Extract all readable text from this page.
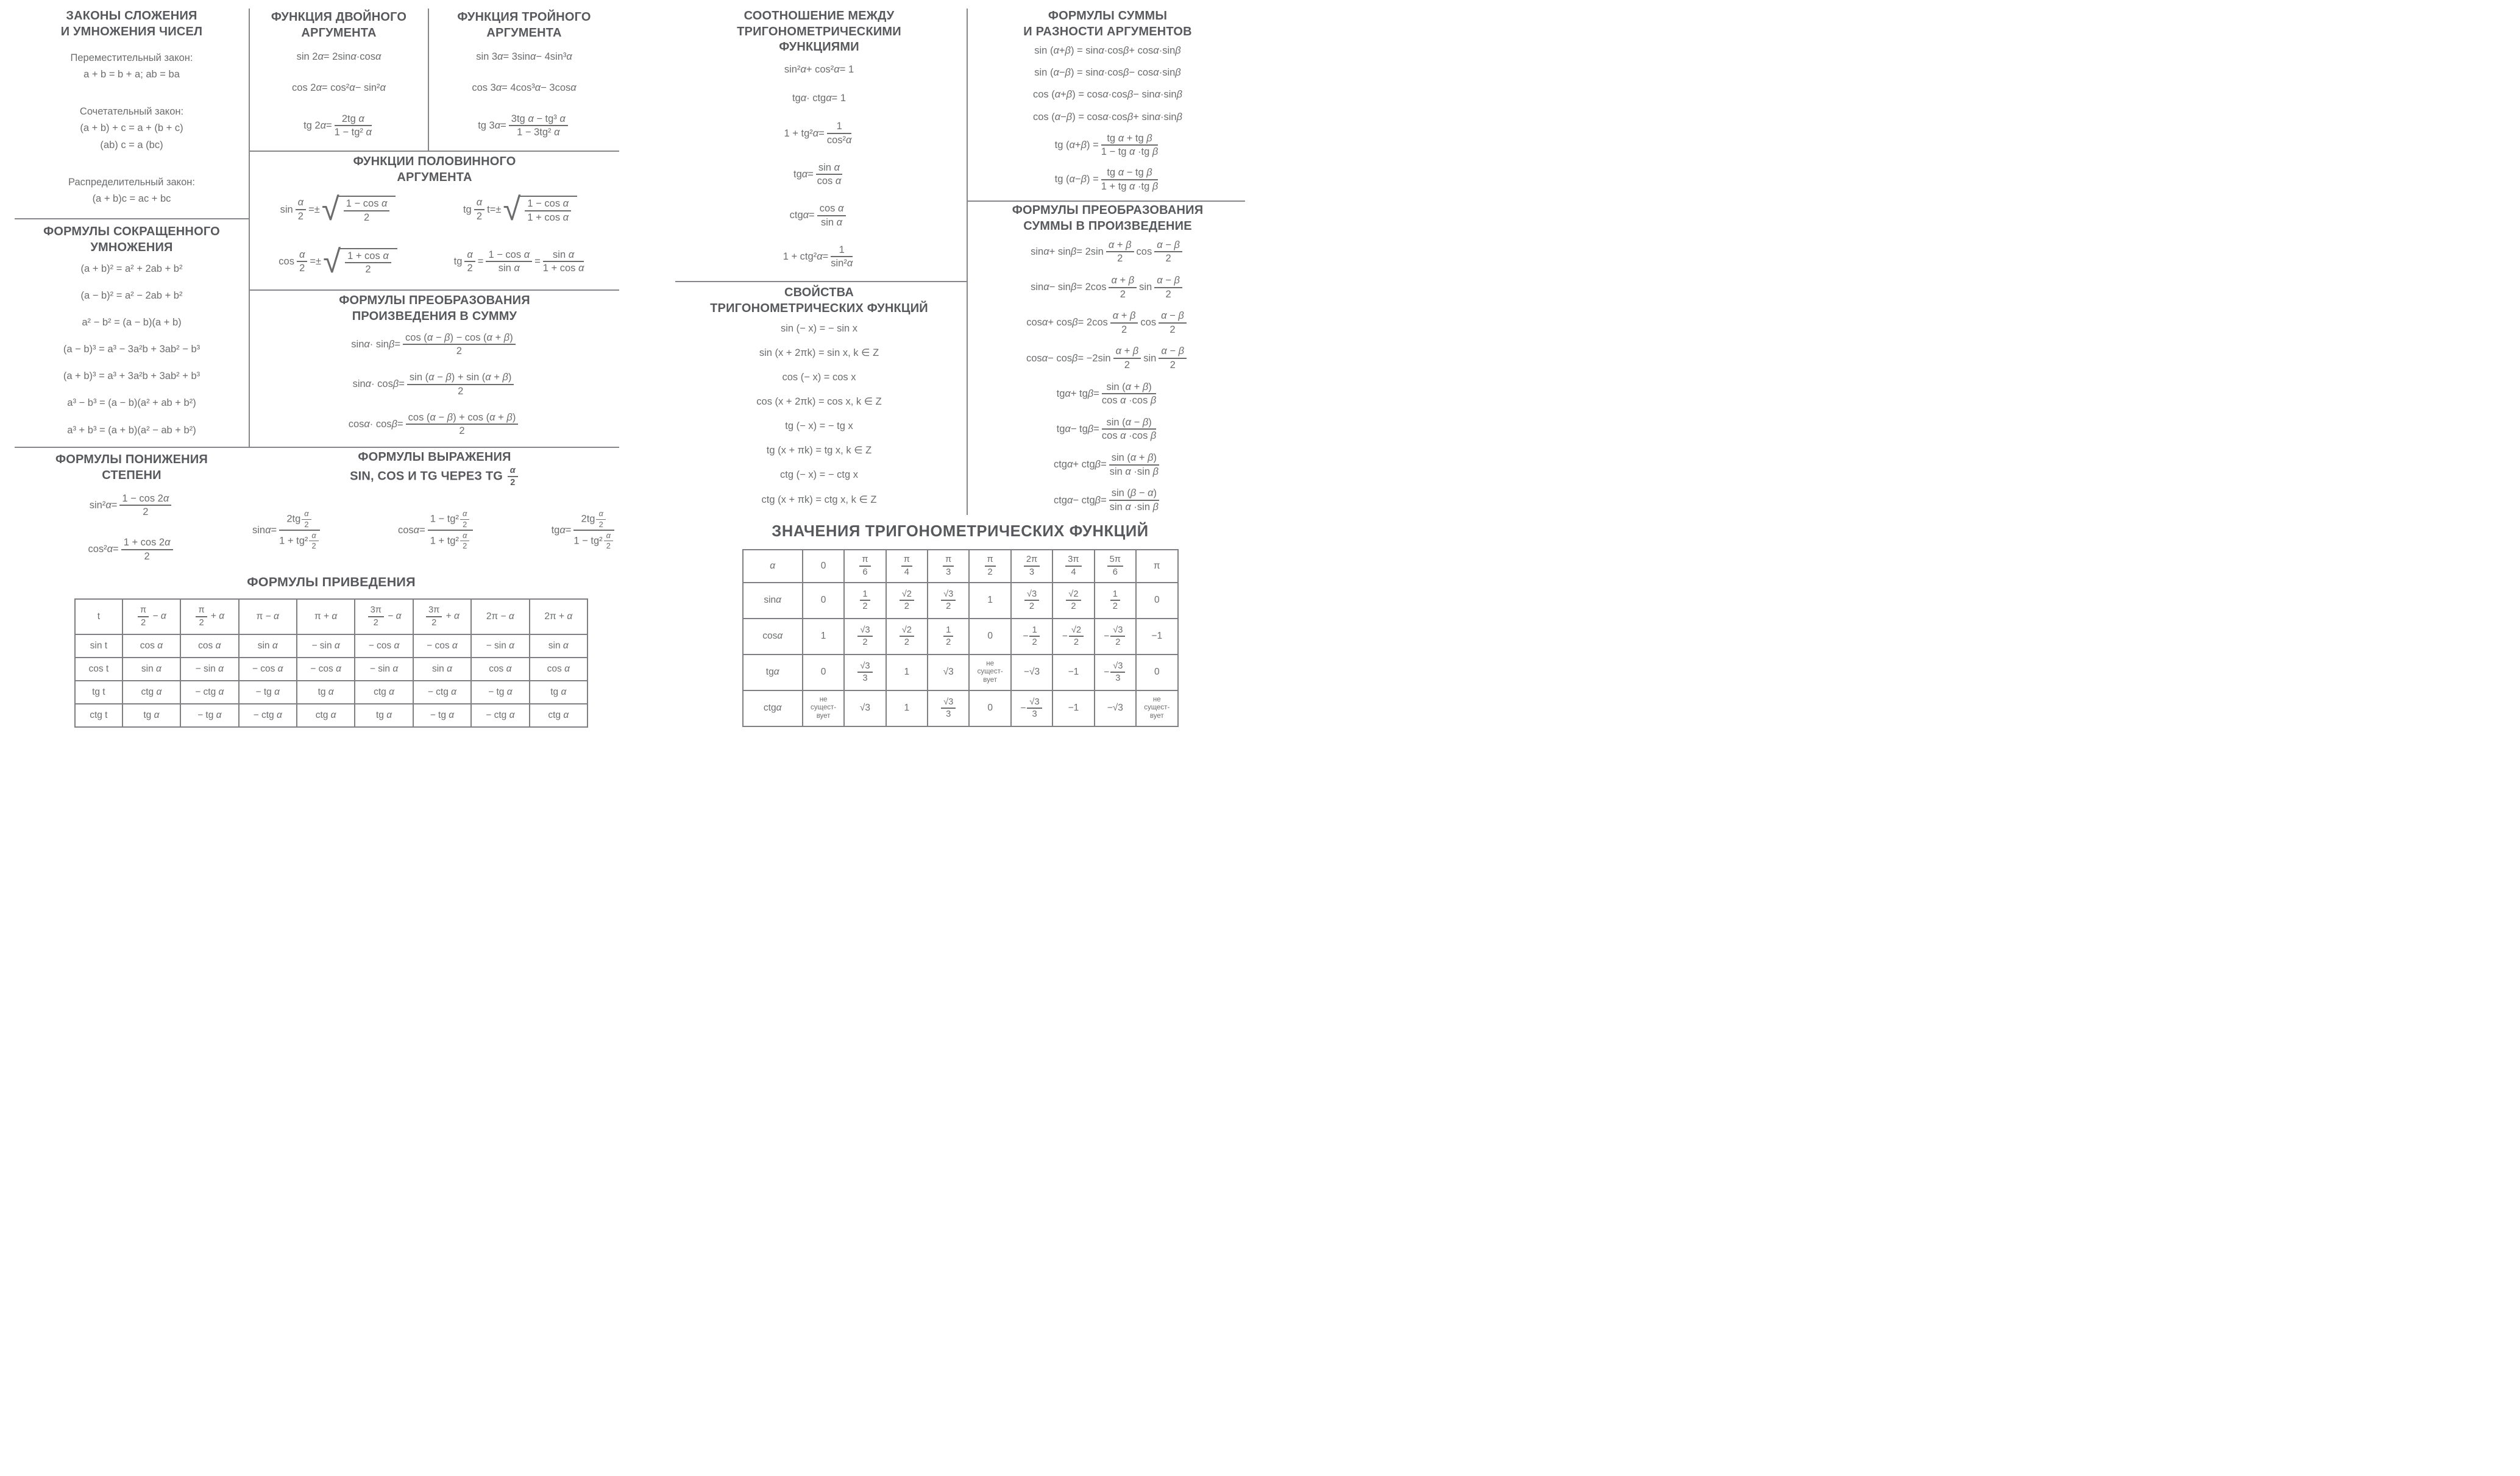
ЗАКОНЫ СЛОЖЕНИЯ
И УМНОЖЕНИЯ ЧИСЕЛ
Переместительный закон:
a + b = b + a; ab = ba
Сочетательный закон:
(a + b) + c = a + (b + c)
(ab) c = a (bc)
Распределительный закон:
(a + b)c = ac + bc
ФОРМУЛЫ СОКРАЩЕННОГО
УМНОЖЕНИЯ
(a + b)² = a² + 2ab + b²
(a − b)² = a² − 2ab + b²
a² − b² = (a − b)(a + b)
(a − b)³ = a³ − 3a²b + 3ab² − b³
(a + b)³ = a³ + 3a²b + 3ab² + b³
a³ − b³ = (a − b)(a² + ab + b²)
a³ + b³ = (a + b)(a² − ab + b²)
ФУНКЦИЯ ДВОЙНОГО
АРГУМЕНТА
sin 2 α = 2sin α ·cos α
cos 2 α = cos² α − sin² α
tg 2 α =
2tg α
1 − tg² α
ФУНКЦИЯ ТРОЙНОГО
АРГУМЕНТА
sin 3 α = 3sin α − 4sin³ α
cos 3 α = 4cos³ α − 3cos α
tg 3 α =
3tg α − tg³ α
1 − 3tg² α
ФУНКЦИИ ПОЛОВИННОГО
АРГУМЕНТА
sin
α
2
=± √ 1 − cos α
2
tg
α
2
t=± √ 1 − cos α
1 + cos α
cos
α
2
=± √ 1 + cos α
2
tg
α
2
=
1 − cos α
sin α
=
sin α
1 + cos α
ФОРМУЛЫ ПРЕОБРАЗОВАНИЯ
ПРОИЗВЕДЕНИЯ В СУММУ
sin α · sin β =
cos (α − β) − cos (α + β)
2
sin α · cos β =
sin (α − β) + sin (α + β)
2
cos α · cos β =
cos (α − β) + cos (α + β)
2
ФОРМУЛЫ ПОНИЖЕНИЯ
СТЕПЕНИ
sin² α =
1 − cos 2α
2
cos² α =
1 + cos 2α
2
ФОРМУЛЫ ВЫРАЖЕНИЯ
SIN, COS И TG ЧЕРЕЗ TG $\frac{\alpha}{2}$
sin α =
$2tg \frac{\alpha}{2}$
$1 + tg^2 \frac{\alpha}{2}$
cos α =
$1 - tg^2 \frac{\alpha}{2}$
$1 + tg^2 \frac{\alpha}{2}$
tg α =
$2tg \frac{\alpha}{2}$
$1 - tg^2 \frac{\alpha}{2}$
ФОРМУЛЫ ПРИВЕДЕНИЯ
t	$\frac{\pi}{2} - \alpha$	$\frac{\pi}{2} + \alpha$	π − α	π + α	$\frac{3\pi}{2} - \alpha$	$\frac{3\pi}{2} + \alpha$	2π − α	2π + α
sin t	cos α	cos α	sin α	− sin α	− cos α	− cos α	− sin α	sin α
cos t	sin α	− sin α	− cos α	− cos α	− sin α	sin α	cos α	cos α
tg t	ctg α	− ctg α	− tg α	tg α	ctg α	− ctg α	− tg α	tg α
ctg t	tg α	− tg α	− ctg α	ctg α	tg α	− tg α	− ctg α	ctg α
СООТНОШЕНИЕ МЕЖДУ
ТРИГОНОМЕТРИЧЕСКИМИ
ФУНКЦИЯМИ
sin² α + cos² α = 1
tg α · ctg α = 1
1 + tg² α =
1
cos²α
tg α =
sin α
cos α
ctg α =
cos α
sin α
1 + ctg² α =
1
sin²α
СВОЙСТВА
ТРИГОНОМЕТРИЧЕСКИХ ФУНКЦИЙ
sin (− x) = − sin x
sin (x + 2πk) = sin x, k ∈ Z
cos (− x) = cos x
cos (x + 2πk) = cos x, k ∈ Z
tg (− x) = − tg x
tg (x + πk) = tg x, k ∈ Z
ctg (− x) = − ctg x
ctg (x + πk) = ctg x, k ∈ Z
ФОРМУЛЫ СУММЫ
И РАЗНОСТИ АРГУМЕНТОВ
sin ( α + β ) = sin α ·cos β + cos α ·sin β
sin ( α − β ) = sin α ·cos β − cos α ·sin β
cos ( α + β ) = cos α ·cos β − sin α ·sin β
cos ( α − β ) = cos α ·cos β + sin α ·sin β
tg ( α + β ) =
tg α + tg β
1 − tg α ·tg β
tg ( α − β ) =
tg α − tg β
1 + tg α ·tg β
ФОРМУЛЫ ПРЕОБРАЗОВАНИЯ
СУММЫ В ПРОИЗВЕДЕНИЕ
sin α + sin β = 2sin
α + β
2
cos
α − β
2
sin α − sin β = 2cos
α + β
2
sin
α − β
2
cos α + cos β = 2cos
α + β
2
cos
α − β
2
cos α − cos β = −2sin
α + β
2
sin
α − β
2
tg α + tg β =
sin (α + β)
cos α ·cos β
tg α − tg β =
sin (α − β)
cos α ·cos β
ctg α + ctg β =
sin (α + β)
sin α ·sin β
ctg α − ctg β =
sin (β − α)
sin α ·sin β
ЗНАЧЕНИЯ ТРИГОНОМЕТРИЧЕСКИХ ФУНКЦИЙ
α	0	$\frac{\pi}{6}$	$\frac{\pi}{4}$	$\frac{\pi}{3}$	$\frac{\pi}{2}$	$\frac{2\pi}{3}$	$\frac{3\pi}{4}$	$\frac{5\pi}{6}$	π
sinα	0	$\frac{1}{2}$	$\frac{√2}{2}$	$\frac{√3}{2}$	1	$\frac{√3}{2}$	$\frac{√2}{2}$	$\frac{1}{2}$	0
cosα	1	$\frac{√3}{2}$	$\frac{√2}{2}$	$\frac{1}{2}$	0	− $\frac{1}{2}$	− $\frac{√2}{2}$	− $\frac{√3}{2}$	−1
tgα	0	$\frac{√3}{3}$	1	√3	не
сущест-
вует	−√3	−1	− $\frac{√3}{3}$	0
ctgα	не
сущест-
вует	√3	1	$\frac{√3}{3}$	0	− $\frac{√3}{3}$	−1	−√3	не
сущест-
вует
